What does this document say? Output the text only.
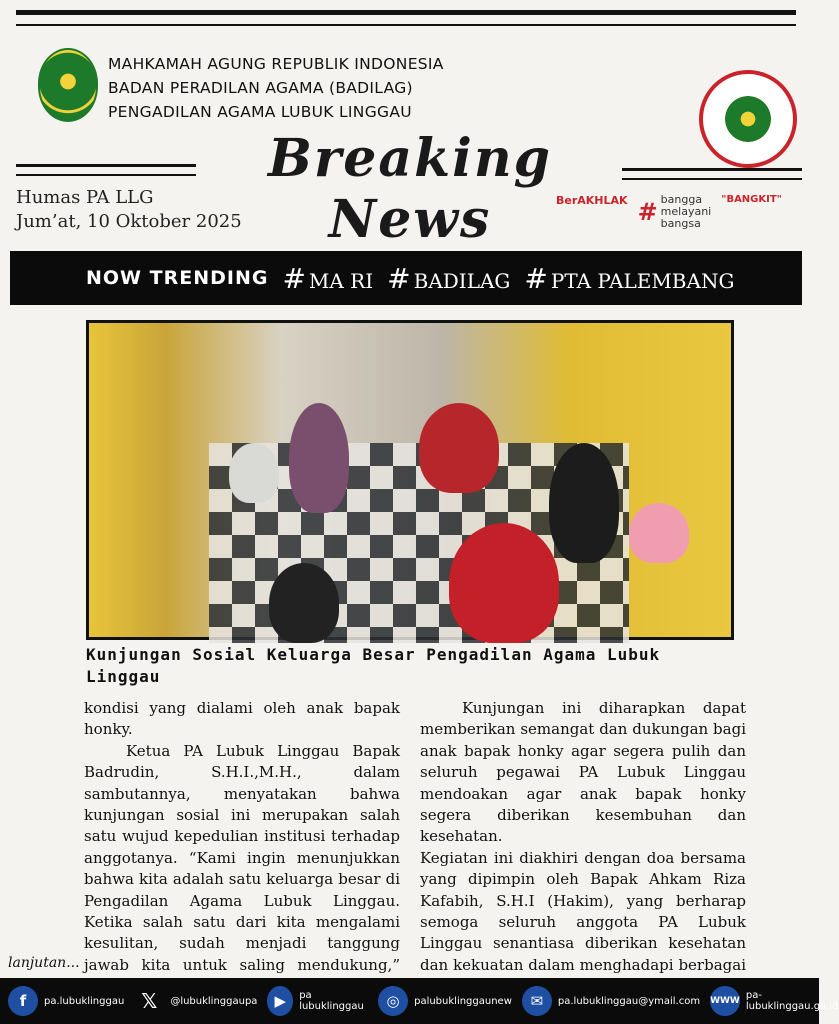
MAHKAMAH AGUNG REPUBLIK INDONESIA
BADAN PERADILAN AGAMA (BADILAG)
PENGADILAN AGAMA LUBUK LINGGAU
Breaking News
Humas PA LLG
Jum’at, 10 Oktober 2025
BerAKHLAK # bangga
melayani
bangsa
"BANGKIT"
NOW TRENDING # MA RI # BADILAG # PTA PALEMBANG
Kunjungan Sosial Keluarga Besar Pengadilan Agama Lubuk Linggau

kondisi yang dialami oleh anak bapak honky.

Ketua PA Lubuk Linggau Bapak Badrudin, S.H.I.,M.H., dalam sambutannya, menyatakan bahwa kunjungan sosial ini merupakan salah satu wujud kepedulian institusi terhadap anggotanya. “Kami ingin menunjukkan bahwa kita adalah satu keluarga besar di Pengadilan Agama Lubuk Linggau. Ketika salah satu dari kita mengalami kesulitan, sudah menjadi tanggung jawab kita untuk saling mendukung,”

Kunjungan ini diharapkan dapat memberikan semangat dan dukungan bagi anak bapak honky agar segera pulih dan seluruh pegawai PA Lubuk Linggau mendoakan agar anak bapak honky segera diberikan kesembuhan dan kesehatan.

Kegiatan ini diakhiri dengan doa bersama yang dipimpin oleh Bapak Ahkam Riza Kafabih, S.H.I (Hakim), yang berharap semoga seluruh anggota PA Lubuk Linggau senantiasa diberikan kesehatan dan kekuatan dalam menghadapi berbagai

lanjutan...
f	pa.lubuklinggau 𝕏	@lubuklinggaupa	▶	pa lubuklinggau	◎	palubuklinggaunew	✉	pa.lubuklinggau@ymail.com WWW pa-lubuklinggau.go.id
